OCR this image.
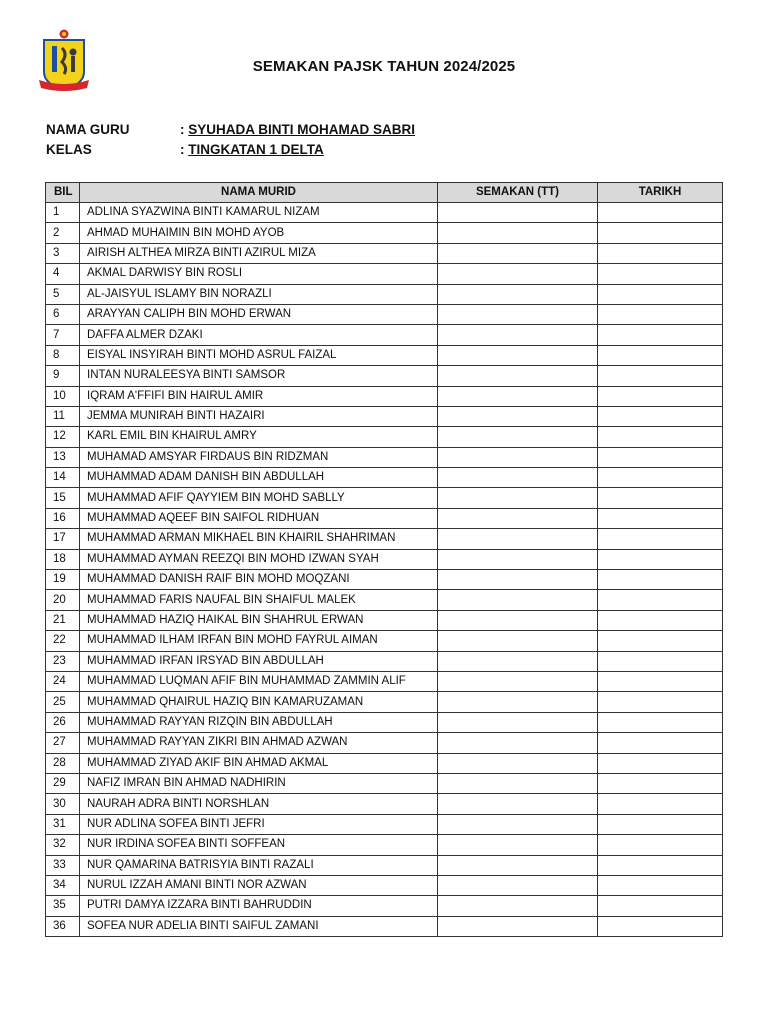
SEMAKAN PAJSK TAHUN 2024/2025
NAMA GURU	: SYUHADA BINTI MOHAMAD SABRI
KELAS	: TINGKATAN 1 DELTA
BIL	NAMA MURID	SEMAKAN (TT)	TARIKH
1	ADLINA SYAZWINA BINTI KAMARUL NIZAM		
2	AHMAD MUHAIMIN BIN MOHD AYOB		
3	AIRISH ALTHEA MIRZA BINTI AZIRUL MIZA		
4	AKMAL DARWISY BIN ROSLI		
5	AL-JAISYUL ISLAMY BIN NORAZLI		
6	ARAYYAN CALIPH BIN MOHD ERWAN		
7	DAFFA ALMER DZAKI		
8	EISYAL INSYIRAH BINTI MOHD ASRUL FAIZAL		
9	INTAN NURALEESYA BINTI SAMSOR		
10	IQRAM A'FFIFI BIN HAIRUL AMIR		
11	JEMMA MUNIRAH BINTI HAZAIRI		
12	KARL EMIL BIN KHAIRUL AMRY		
13	MUHAMAD AMSYAR FIRDAUS BIN RIDZMAN		
14	MUHAMMAD ADAM DANISH BIN ABDULLAH		
15	MUHAMMAD AFIF QAYYIEM BIN MOHD SABLLY		
16	MUHAMMAD AQEEF BIN SAIFOL RIDHUAN		
17	MUHAMMAD ARMAN MIKHAEL BIN KHAIRIL SHAHRIMAN		
18	MUHAMMAD AYMAN REEZQI BIN MOHD IZWAN SYAH		
19	MUHAMMAD DANISH RAIF BIN MOHD MOQZANI		
20	MUHAMMAD FARIS NAUFAL BIN SHAIFUL MALEK		
21	MUHAMMAD HAZIQ HAIKAL BIN SHAHRUL ERWAN		
22	MUHAMMAD ILHAM IRFAN BIN MOHD FAYRUL AIMAN		
23	MUHAMMAD IRFAN IRSYAD BIN ABDULLAH		
24	MUHAMMAD LUQMAN AFIF BIN MUHAMMAD ZAMMIN ALIF		
25	MUHAMMAD QHAIRUL HAZIQ BIN KAMARUZAMAN		
26	MUHAMMAD RAYYAN RIZQIN BIN ABDULLAH		
27	MUHAMMAD RAYYAN ZIKRI BIN AHMAD AZWAN		
28	MUHAMMAD ZIYAD AKIF BIN AHMAD AKMAL		
29	NAFIZ IMRAN BIN AHMAD NADHIRIN		
30	NAURAH ADRA BINTI NORSHLAN		
31	NUR ADLINA SOFEA BINTI JEFRI		
32	NUR IRDINA SOFEA BINTI SOFFEAN		
33	NUR QAMARINA BATRISYIA BINTI RAZALI		
34	NURUL IZZAH AMANI BINTI NOR AZWAN		
35	PUTRI DAMYA IZZARA BINTI BAHRUDDIN		
36	SOFEA NUR ADELIA BINTI SAIFUL ZAMANI		
